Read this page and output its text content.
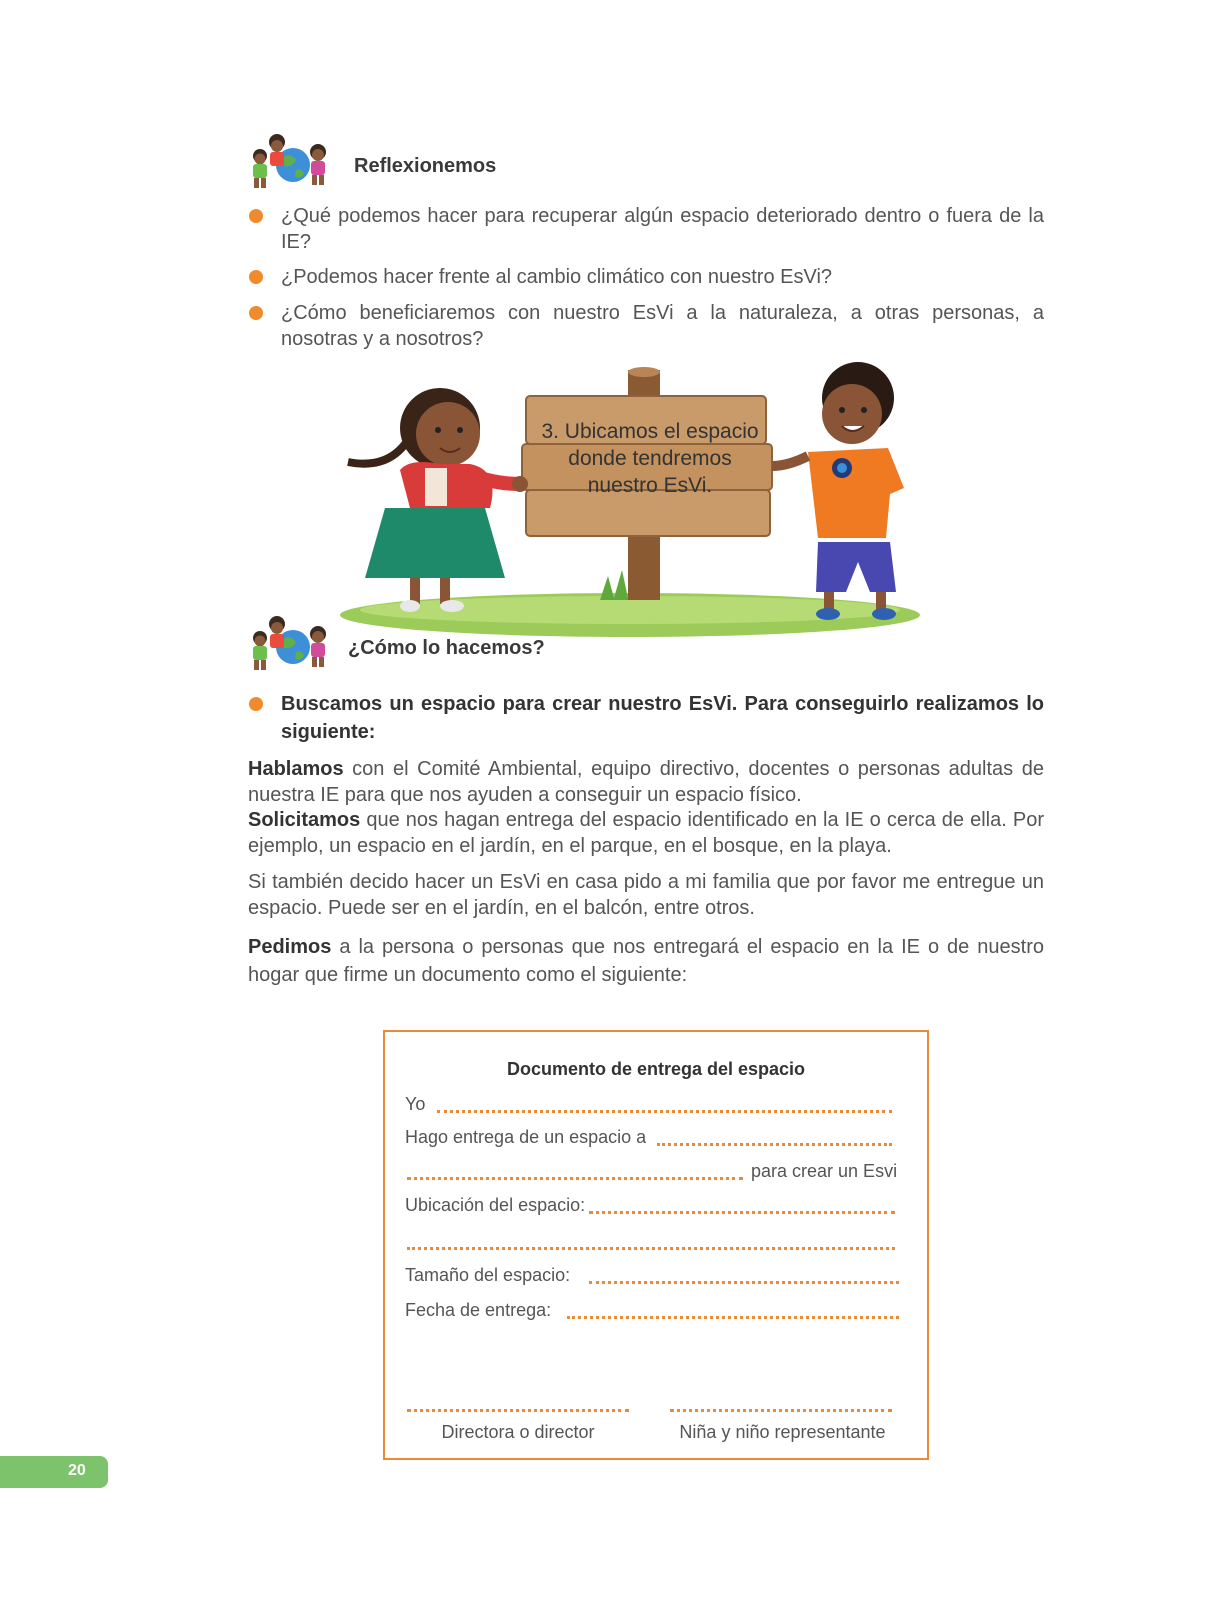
Reflexionemos
¿Qué podemos hacer para recuperar algún espacio deteriorado dentro o fuera de la IE?
¿Podemos hacer frente al cambio climático con nuestro EsVi?
¿Cómo beneficiaremos con nuestro EsVi a la naturaleza, a otras personas, a nosotras y a nosotros?
3. Ubicamos el espacio donde tendremos nuestro EsVi.
¿Cómo lo hacemos?
Buscamos un espacio para crear nuestro EsVi. Para conseguirlo realizamos lo siguiente:
Hablamos con el Comité Ambiental, equipo directivo, docentes o personas adultas de nuestra IE para que nos ayuden a conseguir un espacio físico.
Solicitamos que nos hagan entrega del espacio identificado en la IE o cerca de ella. Por ejemplo, un espacio en el jardín, en el parque, en el bosque, en la playa.
Si también decido hacer un EsVi en casa pido a mi familia que por favor me entregue un espacio. Puede ser en el jardín, en el balcón, entre otros.
Pedimos a la persona o personas que nos entregará el espacio en la IE o de nuestro hogar que firme un documento como el siguiente:
Documento de entrega del espacio
Yo
Hago entrega de un espacio a
para crear un Esvi
Ubicación del espacio:
Tamaño del espacio:
Fecha de entrega:
Directora o director	Niña y niño representante
20
